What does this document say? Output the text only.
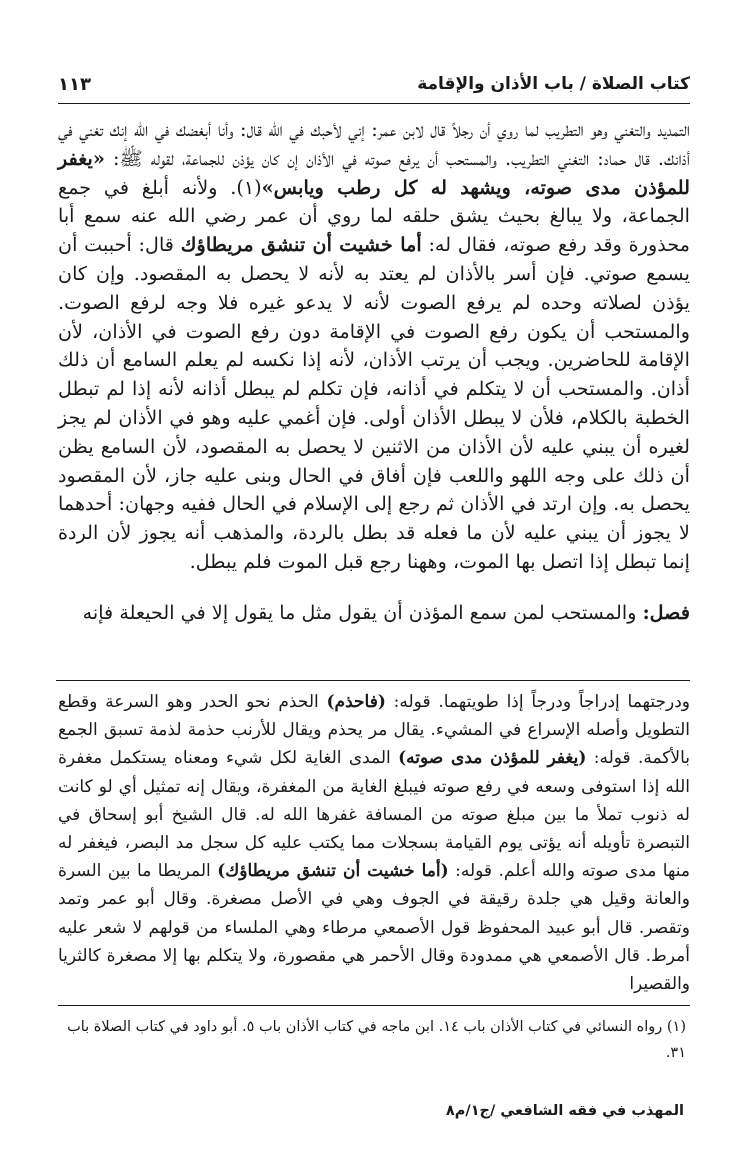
كتاب الصلاة / باب الأذان والإقامة
١١٣

التمديد والتغني وهو التطريب لما روي أن رجلاً قال لابن عمر: إني لأحبك في الله قال: وأنا أبغضك في الله إنك تغني في أذانك. قال حماد: التغني التطريب. والمستحب أن يرفع صوته في الأذان إن كان يؤذن للجماعة، لقوله ﷺ: «يغفر للمؤذن مدى صوته، ويشهد له كل رطب ويابس»(١). ولأنه أبلغ في جمع الجماعة، ولا يبالغ بحيث يشق حلقه لما روي أن عمر رضي الله عنه سمع أبا محذورة وقد رفع صوته، فقال له: أما خشيت أن تنشق مريطاؤك قال: أحببت أن يسمع صوتي. فإن أسر بالأذان لم يعتد به لأنه لا يحصل به المقصود. وإن كان يؤذن لصلاته وحده لم يرفع الصوت لأنه لا يدعو غيره فلا وجه لرفع الصوت. والمستحب أن يكون رفع الصوت في الإقامة دون رفع الصوت في الأذان، لأن الإقامة للحاضرين. ويجب أن يرتب الأذان، لأنه إذا نكسه لم يعلم السامع أن ذلك أذان. والمستحب أن لا يتكلم في أذانه، فإن تكلم لم يبطل أذانه لأنه إذا لم تبطل الخطبة بالكلام، فلأن لا يبطل الأذان أولى. فإن أغمي عليه وهو في الأذان لم يجز لغيره أن يبني عليه لأن الأذان من الاثنين لا يحصل به المقصود، لأن السامع يظن أن ذلك على وجه اللهو واللعب فإن أفاق في الحال وبنى عليه جاز، لأن المقصود يحصل به. وإن ارتد في الأذان ثم رجع إلى الإسلام في الحال ففيه وجهان: أحدهما لا يجوز أن يبني عليه لأن ما فعله قد بطل بالردة، والمذهب أنه يجوز لأن الردة إنما تبطل إذا اتصل بها الموت، وههنا رجع قبل الموت فلم يبطل.

فصل: والمستحب لمن سمع المؤذن أن يقول مثل ما يقول إلا في الحيعلة فإنه

ودرجتهما إدراجاً ودرجاً إذا طويتهما. قوله: (فاحذم) الحذم نحو الحدر وهو السرعة وقطع التطويل وأصله الإسراع في المشيء. يقال مر يحذم ويقال للأرنب حذمة لذمة تسبق الجمع بالأكمة. قوله: (يغفر للمؤذن مدى صوته) المدى الغاية لكل شيء ومعناه يستكمل مغفرة الله إذا استوفى وسعه في رفع صوته فيبلغ الغاية من المغفرة، ويقال إنه تمثيل أي لو كانت له ذنوب تملأ ما بين مبلغ صوته من المسافة غفرها الله له. قال الشيخ أبو إسحاق في التبصرة تأويله أنه يؤتى يوم القيامة بسجلات مما يكتب عليه كل سجل مد البصر، فيغفر له منها مدى صوته والله أعلم. قوله: (أما خشيت أن تنشق مريطاؤك) المريطا ما بين السرة والعانة وقيل هي جلدة رقيقة في الجوف وهي في الأصل مصغرة. وقال أبو عمر وتمد وتقصر. قال أبو عبيد المحفوظ قول الأصمعي مرطاء وهي الملساء من قولهم لا شعر عليه أمرط. قال الأصمعي هي ممدودة وقال الأحمر هي مقصورة، ولا يتكلم بها إلا مصغرة كالثريا والقصيرا

(١) رواه النسائي في كتاب الأذان باب ١٤. ابن ماجه في كتاب الأذان باب ٥. أبو داود في كتاب الصلاة باب ٣١.

المهذب في فقه الشافعي /ج١/م٨
